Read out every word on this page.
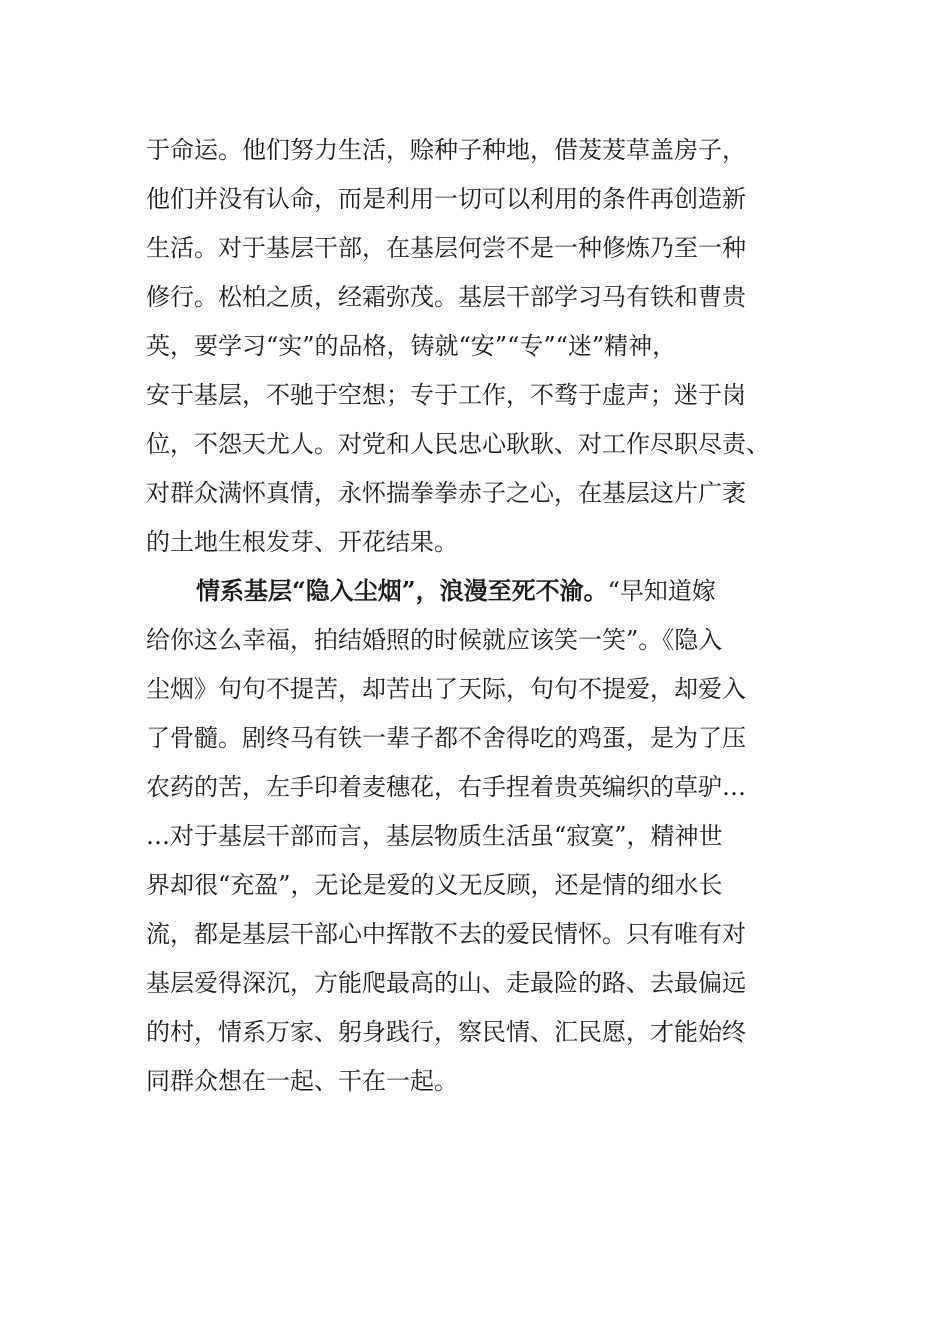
于命运。他们努力生活，赊种子种地，借茇茇草盖房子，
他们并没有认命，而是利用一切可以利用的条件再创造新
生活。对于基层干部，在基层何尝不是一种修炼乃至一种
修行。松柏之质，经霜弥茂。基层干部学习马有铁和曹贵
英，要学习“实”的品格，铸就“安”“专”“迷”精神，
安于基层，不驰于空想；专于工作，不骛于虚声；迷于岗
位，不怨天尤人。对党和人民忠心耿耿、对工作尽职尽责、
对群众满怀真情，永怀揣拳拳赤子之心，在基层这片广袤
的土地生根发芽、开花结果。
情系基层“隐入尘烟”，浪漫至死不渝。“早知道嫁
给你这么幸福，拍结婚照的时候就应该笑一笑”。《隐入
尘烟》句句不提苦，却苦出了天际，句句不提爱，却爱入
了骨髓。剧终马有铁一辈子都不舍得吃的鸡蛋，是为了压
农药的苦，左手印着麦穗花，右手捏着贵英编织的草驴…
…对于基层干部而言，基层物质生活虽“寂寞”，精神世
界却很“充盈”，无论是爱的义无反顾，还是情的细水长
流，都是基层干部心中挥散不去的爱民情怀。只有唯有对
基层爱得深沉，方能爬最高的山、走最险的路、去最偏远
的村，情系万家、躬身践行，察民情、汇民愿，才能始终
同群众想在一起、干在一起。
